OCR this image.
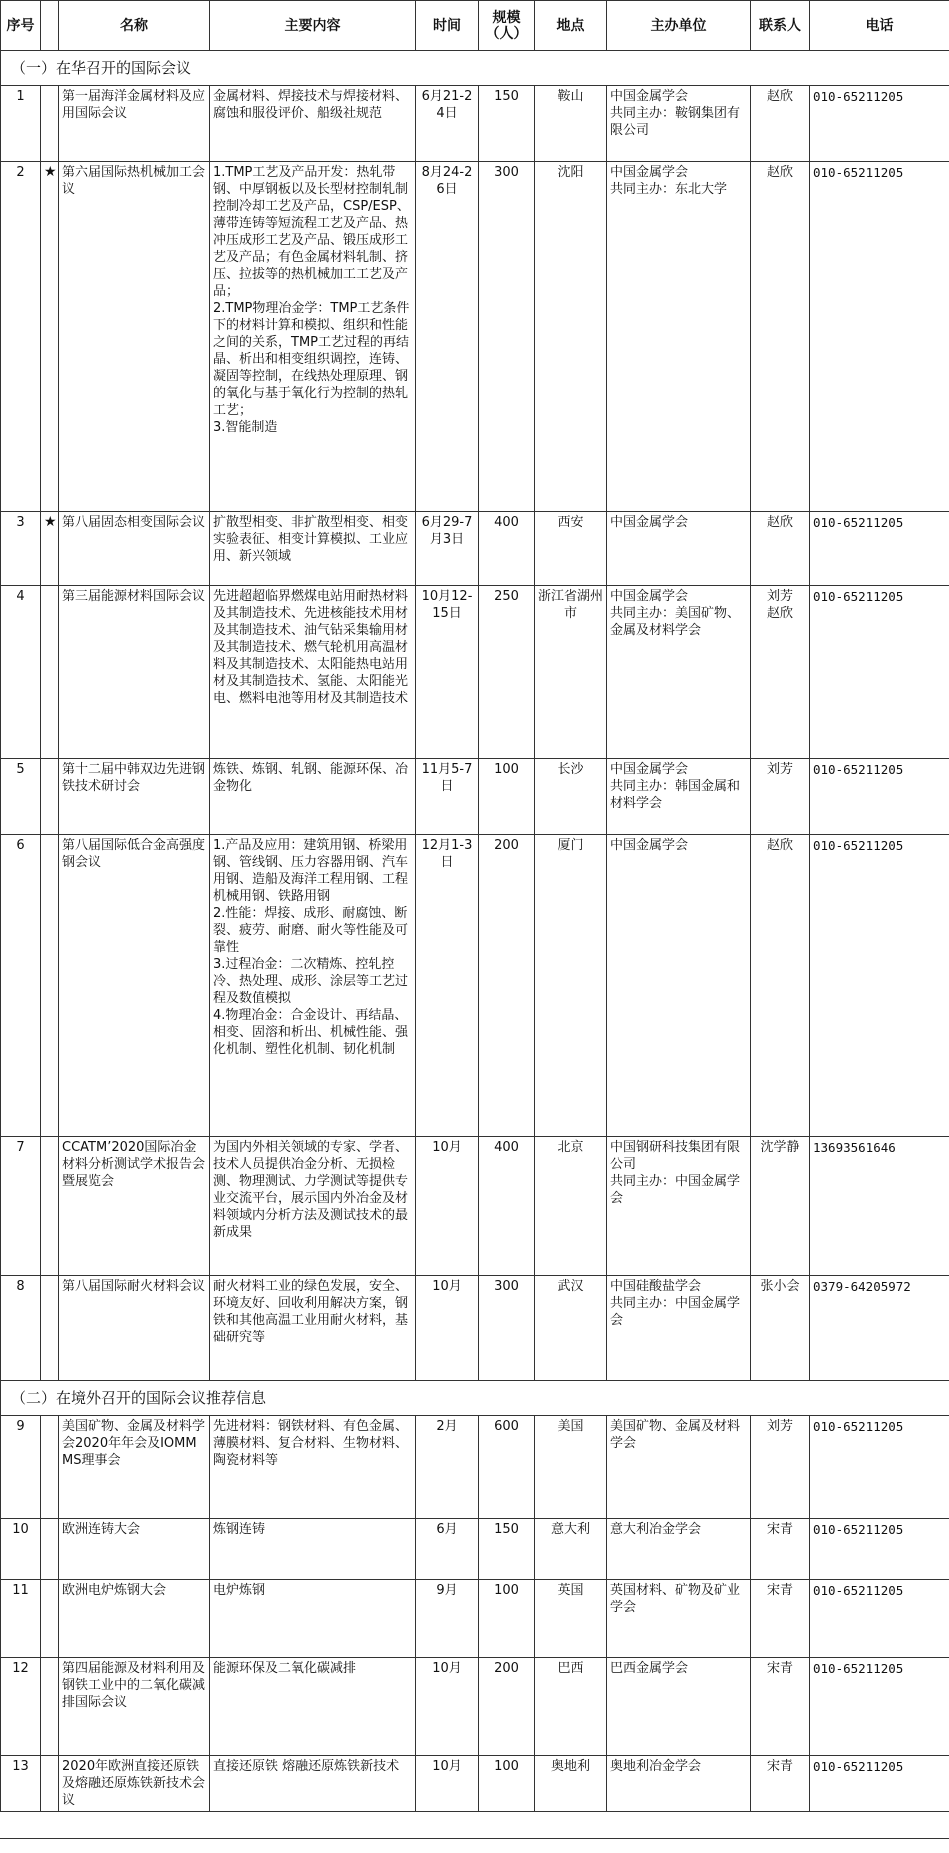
序号		名称	主要内容	时间	规模（人）	地点	主办单位	联系人	电话
（一）在华召开的国际会议									
1		第一届海洋金属材料及应用国际会议	金属材料、焊接技术与焊接材料、腐蚀和服役评价、船级社规范	6月21-24日	150	鞍山	中国金属学会
共同主办：鞍钢集团有限公司	赵欣	010-65211205
2	★	第六届国际热机械加工会议	1.TMP工艺及产品开发：热轧带钢、中厚钢板以及长型材控制轧制控制冷却工艺及产品，CSP/ESP、薄带连铸等短流程工艺及产品、热冲压成形工艺及产品、锻压成形工艺及产品；有色金属材料轧制、挤压、拉拔等的热机械加工工艺及产品；
2.TMP物理冶金学：TMP工艺条件下的材料计算和模拟、组织和性能之间的关系，TMP工艺过程的再结晶、析出和相变组织调控，连铸、凝固等控制，在线热处理原理、钢的氧化与基于氧化行为控制的热轧工艺；
3.智能制造	8月24-26日	300	沈阳	中国金属学会
共同主办：东北大学	赵欣	010-65211205
3	★	第八届固态相变国际会议	扩散型相变、非扩散型相变、相变实验表征、相变计算模拟、工业应用、新兴领域	6月29-7月3日	400	西安	中国金属学会	赵欣	010-65211205
4		第三届能源材料国际会议	先进超超临界燃煤电站用耐热材料及其制造技术、先进核能技术用材及其制造技术、油气钻采集输用材及其制造技术、燃气轮机用高温材料及其制造技术、太阳能热电站用材及其制造技术、氢能、太阳能光电、燃料电池等用材及其制造技术	10月12-15日	250	浙江省湖州市	中国金属学会
共同主办：美国矿物、金属及材料学会	刘芳
赵欣	010-65211205
5		第十二届中韩双边先进钢铁技术研讨会	炼铁、炼钢、轧钢、能源环保、冶金物化	11月5-7日	100	长沙	中国金属学会
共同主办：韩国金属和材料学会	刘芳	010-65211205
6		第八届国际低合金高强度钢会议	1.产品及应用：建筑用钢、桥梁用钢、管线钢、压力容器用钢、汽车用钢、造船及海洋工程用钢、工程机械用钢、铁路用钢
2.性能：焊接、成形、耐腐蚀、断裂、疲劳、耐磨、耐火等性能及可靠性
3.过程冶金：二次精炼、控轧控冷、热处理、成形、涂层等工艺过程及数值模拟
4.物理冶金：合金设计、再结晶、相变、固溶和析出、机械性能、强化机制、塑性化机制、韧化机制	12月1-3日	200	厦门	中国金属学会	赵欣	010-65211205
7		CCATM’2020国际冶金材料分析测试学术报告会暨展览会	为国内外相关领域的专家、学者、技术人员提供冶金分析、无损检测、物理测试、力学测试等提供专业交流平台，展示国内外冶金及材料领域内分析方法及测试技术的最新成果	10月	400	北京	中国钢研科技集团有限公司
共同主办：中国金属学会	沈学静	13693561646
8		第八届国际耐火材料会议	耐火材料工业的绿色发展，安全、环境友好、回收利用解决方案，钢铁和其他高温工业用耐火材料，基础研究等	10月	300	武汉	中国硅酸盐学会
共同主办：中国金属学会	张小会	0379-64205972
（二）在境外召开的国际会议推荐信息									
9		美国矿物、金属及材料学会2020年年会及IOMMMS理事会	先进材料：钢铁材料、有色金属、薄膜材料、复合材料、生物材料、陶瓷材料等	2月	600	美国	美国矿物、金属及材料学会	刘芳	010-65211205
10		欧洲连铸大会	炼钢连铸	6月	150	意大利	意大利冶金学会	宋青	010-65211205
11		欧洲电炉炼钢大会	电炉炼钢	9月	100	英国	英国材料、矿物及矿业学会	宋青	010-65211205
12		第四届能源及材料利用及钢铁工业中的二氧化碳减排国际会议	能源环保及二氧化碳减排	10月	200	巴西	巴西金属学会	宋青	010-65211205
13		2020年欧洲直接还原铁及熔融还原炼铁新技术会议	直接还原铁 熔融还原炼铁新技术	10月	100	奥地利	奥地利冶金学会	宋青	010-65211205
